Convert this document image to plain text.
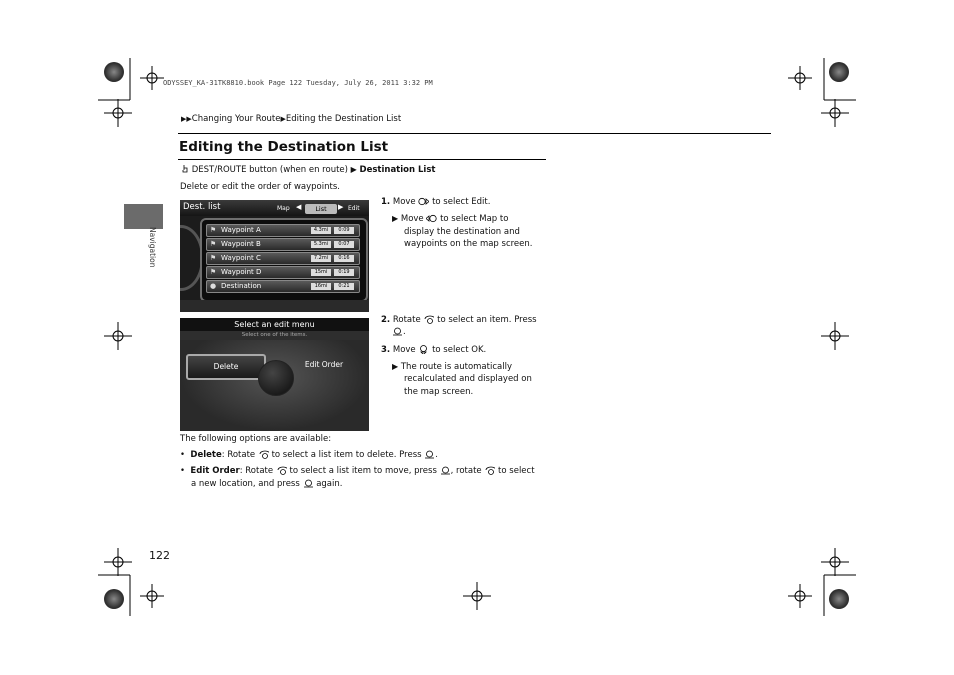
ODYSSEY_KA-31TK8810.book Page 122 Tuesday, July 26, 2011 3:32 PM
▶▶Changing Your Route▶Editing the Destination List
Editing the Destination List
DEST/ROUTE button (when en route) ▶ Destination List
Delete or edit the order of waypoints.
Navigation
Dest. list	Map ◀	List	▶ Edit
⚑ Waypoint A	4.3mi	0:09
⚑ Waypoint B	5.3mi	0:07
⚑ Waypoint C	7.2mi	0:16
⚑ Waypoint D	15mi	0:19
● Destination	16mi	0:21
Select an edit menu
Select one of the items.
Delete	Edit Order
1. Move to select Edit.
▶ Move to select Map to
display the destination and
waypoints on the map screen.
2. Rotate to select an item. Press
.
3. Move to select OK.
▶ The route is automatically
recalculated and displayed on
the map screen.
The following options are available:
• Delete: Rotate to select a list item to delete. Press .
• Edit Order: Rotate to select a list item to move, press , rotate to select
a new location, and press again.
122
